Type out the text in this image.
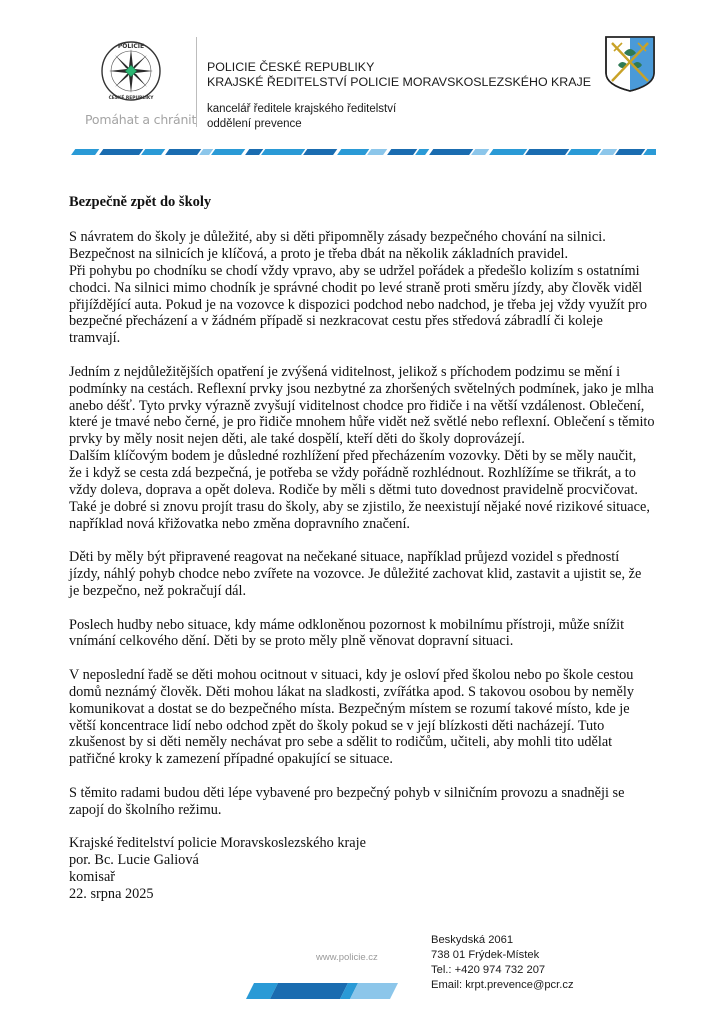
POLICIE
ČESKÉ REPUBLIKY
Pomáhat a chránit
POLICIE ČESKÉ REPUBLIKY
KRAJSKÉ ŘEDITELSTVÍ POLICIE MORAVSKOSLEZSKÉHO KRAJE
kancelář ředitele krajského ředitelství
oddělení prevence
Bezpečně zpět do školy
S návratem do školy je důležité, aby si děti připomněly zásady bezpečného chování na silnici.
Bezpečnost na silnicích je klíčová, a proto je třeba dbát na několik základních pravidel.
Při pohybu po chodníku se chodí vždy vpravo, aby se udržel pořádek a předešlo kolizím s ostatními
chodci. Na silnici mimo chodník je správné chodit po levé straně proti směru jízdy, aby člověk viděl
přijíždějící auta. Pokud je na vozovce k dispozici podchod nebo nadchod, je třeba jej vždy využít pro
bezpečné přecházení a v žádném případě si nezkracovat cestu přes středová zábradlí či koleje
tramvají.
Jedním z nejdůležitějších opatření je zvýšená viditelnost, jelikož s příchodem podzimu se mění i
podmínky na cestách. Reflexní prvky jsou nezbytné za zhoršených světelných podmínek, jako je mlha
anebo déšť. Tyto prvky výrazně zvyšují viditelnost chodce pro řidiče i na větší vzdálenost. Oblečení,
které je tmavé nebo černé, je pro řidiče mnohem hůře vidět než světlé nebo reflexní. Oblečení s těmito
prvky by měly nosit nejen děti, ale také dospělí, kteří děti do školy doprovázejí.
Dalším klíčovým bodem je důsledné rozhlížení před přecházením vozovky. Děti by se měly naučit,
že i když se cesta zdá bezpečná, je potřeba se vždy pořádně rozhlédnout. Rozhlížíme se třikrát, a to
vždy doleva, doprava a opět doleva. Rodiče by měli s dětmi tuto dovednost pravidelně procvičovat.
Také je dobré si znovu projít trasu do školy, aby se zjistilo, že neexistují nějaké nové rizikové situace,
například nová křižovatka nebo změna dopravního značení.
Děti by měly být připravené reagovat na nečekané situace, například průjezd vozidel s předností
jízdy, náhlý pohyb chodce nebo zvířete na vozovce. Je důležité zachovat klid, zastavit a ujistit se, že
je bezpečno, než pokračují dál.
Poslech hudby nebo situace, kdy máme odkloněnou pozornost k mobilnímu přístroji, může snížit
vnímání celkového dění. Děti by se proto měly plně věnovat dopravní situaci.
V neposlední řadě se děti mohou ocitnout v situaci, kdy je osloví před školou nebo po škole cestou
domů neznámý člověk. Děti mohou lákat na sladkosti, zvířátka apod. S takovou osobou by neměly
komunikovat a dostat se do bezpečného místa. Bezpečným místem se rozumí takové místo, kde je
větší koncentrace lidí nebo odchod zpět do školy pokud se v její blízkosti děti nacházejí. Tuto
zkušenost by si děti neměly nechávat pro sebe a sdělit to rodičům, učiteli, aby mohli tito udělat
patřičné kroky k zamezení případné opakující se situace.
S těmito radami budou děti lépe vybavené pro bezpečný pohyb v silničním provozu a snadněji se
zapojí do školního režimu.
Krajské ředitelství policie Moravskoslezského kraje
por. Bc. Lucie Galiová
komisař
22. srpna 2025
www.policie.cz
Beskydská 2061
738 01 Frýdek-Místek
Tel.: +420 974 732 207
Email: krpt.prevence@pcr.cz
